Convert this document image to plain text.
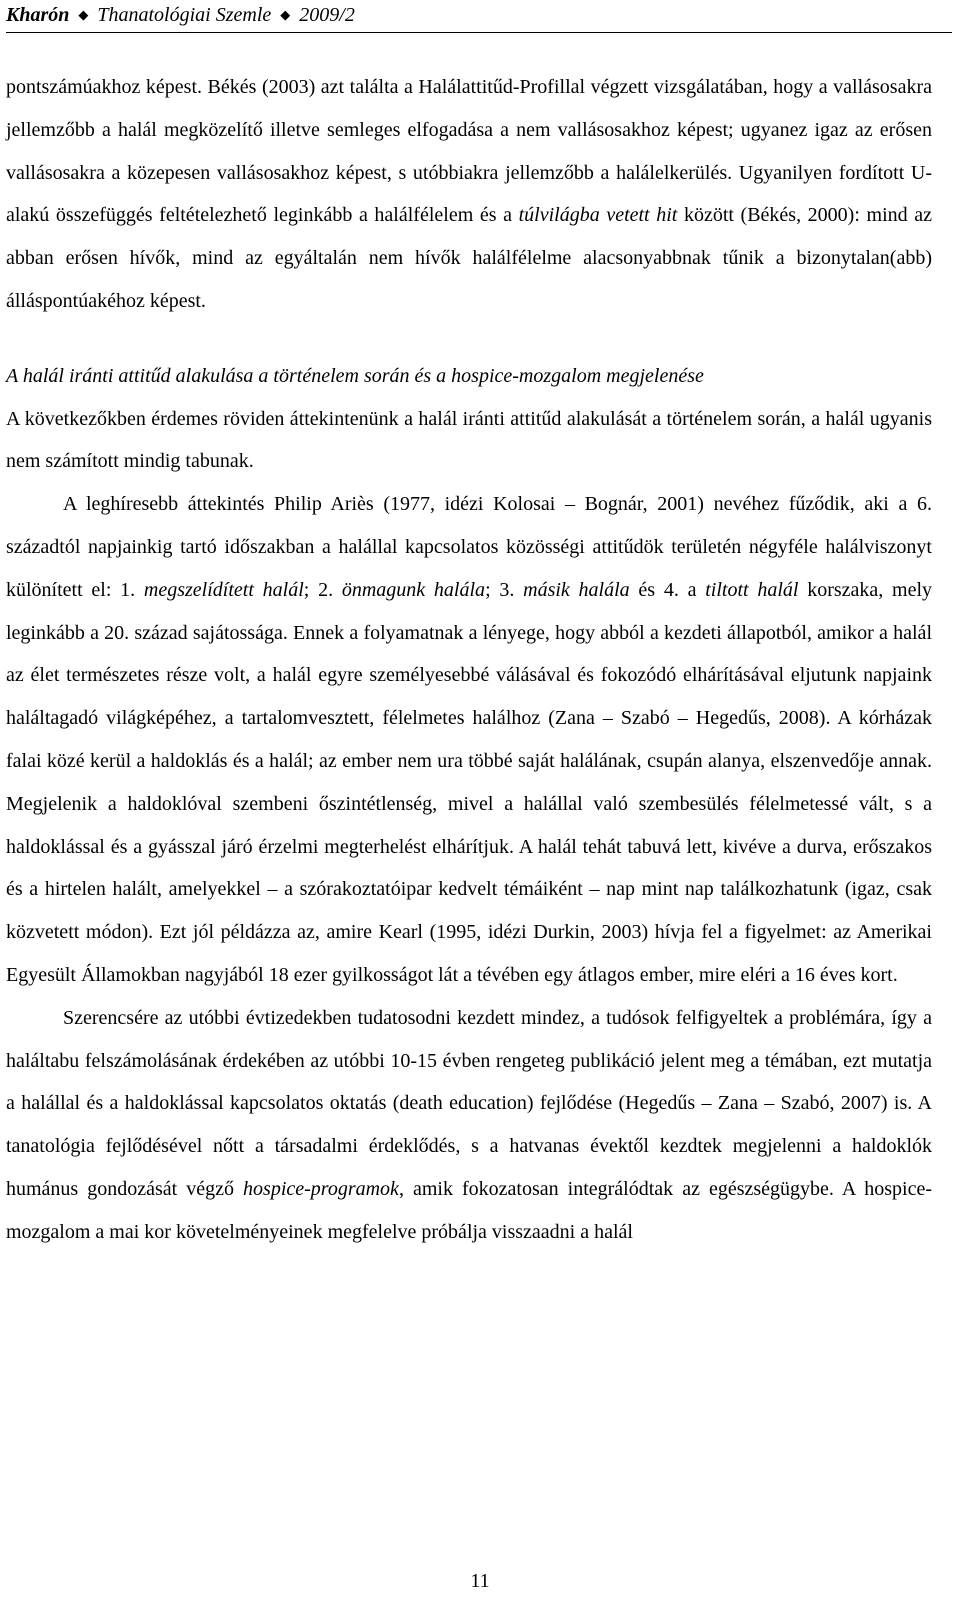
Kharón ◆ Thanatológiai Szemle ◆ 2009/2

pontszámúakhoz képest. Békés (2003) azt találta a Halálattitűd-Profillal végzett vizsgálatában, hogy a vallásosakra jellemzőbb a halál megközelítő illetve semleges elfogadása a nem vallásosakhoz képest; ugyanez igaz az erősen vallásosakra a közepesen vallásosakhoz képest, s utóbbiakra jellemzőbb a halálelkerülés. Ugyanilyen fordított U-alakú összefüggés feltételezhető leginkább a halálfélelem és a túlvilágba vetett hit között (Békés, 2000): mind az abban erősen hívők, mind az egyáltalán nem hívők halálfélelme alacsonyabbnak tűnik a bizonytalan(abb) álláspontúakéhoz képest.

A halál iránti attitűd alakulása a történelem során és a hospice-mozgalom megjelenése

A következőkben érdemes röviden áttekintenünk a halál iránti attitűd alakulását a történelem során, a halál ugyanis nem számított mindig tabunak.

A leghíresebb áttekintés Philip Ariès (1977, idézi Kolosai – Bognár, 2001) nevéhez fűződik, aki a 6. századtól napjainkig tartó időszakban a halállal kapcsolatos közösségi attitűdök területén négyféle halálviszonyt különített el: 1. megszelídített halál; 2. önmagunk halála; 3. másik halála és 4. a tiltott halál korszaka, mely leginkább a 20. század sajátossága. Ennek a folyamatnak a lényege, hogy abból a kezdeti állapotból, amikor a halál az élet természetes része volt, a halál egyre személyesebbé válásával és fokozódó elhárításával eljutunk napjaink haláltagadó világképéhez, a tartalomvesztett, félelmetes halálhoz (Zana – Szabó – Hegedűs, 2008). A kórházak falai közé kerül a haldoklás és a halál; az ember nem ura többé saját halálának, csupán alanya, elszenvedője annak. Megjelenik a haldoklóval szembeni őszintétlenség, mivel a halállal való szembesülés félelmetessé vált, s a haldoklással és a gyásszal járó érzelmi megterhelést elhárítjuk. A halál tehát tabuvá lett, kivéve a durva, erőszakos és a hirtelen halált, amelyekkel – a szórakoztatóipar kedvelt témáiként – nap mint nap találkozhatunk (igaz, csak közvetett módon). Ezt jól példázza az, amire Kearl (1995, idézi Durkin, 2003) hívja fel a figyelmet: az Amerikai Egyesült Államokban nagyjából 18 ezer gyilkosságot lát a tévében egy átlagos ember, mire eléri a 16 éves kort.

Szerencsére az utóbbi évtizedekben tudatosodni kezdett mindez, a tudósok felfigyeltek a problémára, így a haláltabu felszámolásának érdekében az utóbbi 10-15 évben rengeteg publikáció jelent meg a témában, ezt mutatja a halállal és a haldoklással kapcsolatos oktatás (death education) fejlődése (Hegedűs – Zana – Szabó, 2007) is. A tanatológia fejlődésével nőtt a társadalmi érdeklődés, s a hatvanas évektől kezdtek megjelenni a haldoklók humánus gondozását végző hospice-programok, amik fokozatosan integrálódtak az egészségügybe. A hospice-mozgalom a mai kor követelményeinek megfelelve próbálja visszaadni a halál

11
